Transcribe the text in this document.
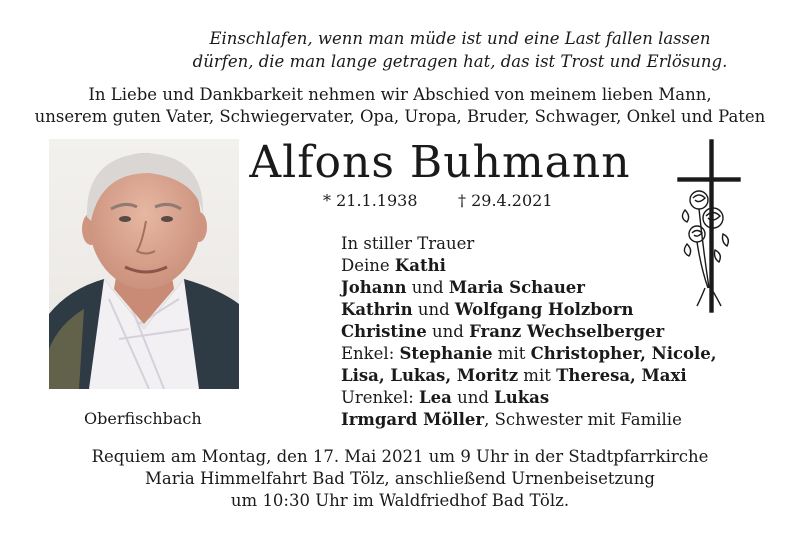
Einschlafen, wenn man müde ist und eine Last fallen lassen
dürfen, die man lange getragen hat, das ist Trost und Erlösung.
In Liebe und Dankbarkeit nehmen wir Abschied von meinem lieben Mann,
unserem guten Vater, Schwiegervater, Opa, Uropa, Bruder, Schwager, Onkel und Paten
Alfons Buhmann
* 21.1.1938	† 29.4.2021
Oberfischbach
In stiller Trauer
Deine Kathi
Johann und Maria Schauer
Kathrin und Wolfgang Holzborn
Christine und Franz Wechselberger
Enkel: Stephanie mit Christopher, Nicole,
Lisa, Lukas, Moritz mit Theresa, Maxi
Urenkel: Lea und Lukas
Irmgard Möller, Schwester mit Familie
Requiem am Montag, den 17. Mai 2021 um 9 Uhr in der Stadtpfarrkirche
Maria Himmelfahrt Bad Tölz, anschließend Urnenbeisetzung
um 10:30 Uhr im Waldfriedhof Bad Tölz.
